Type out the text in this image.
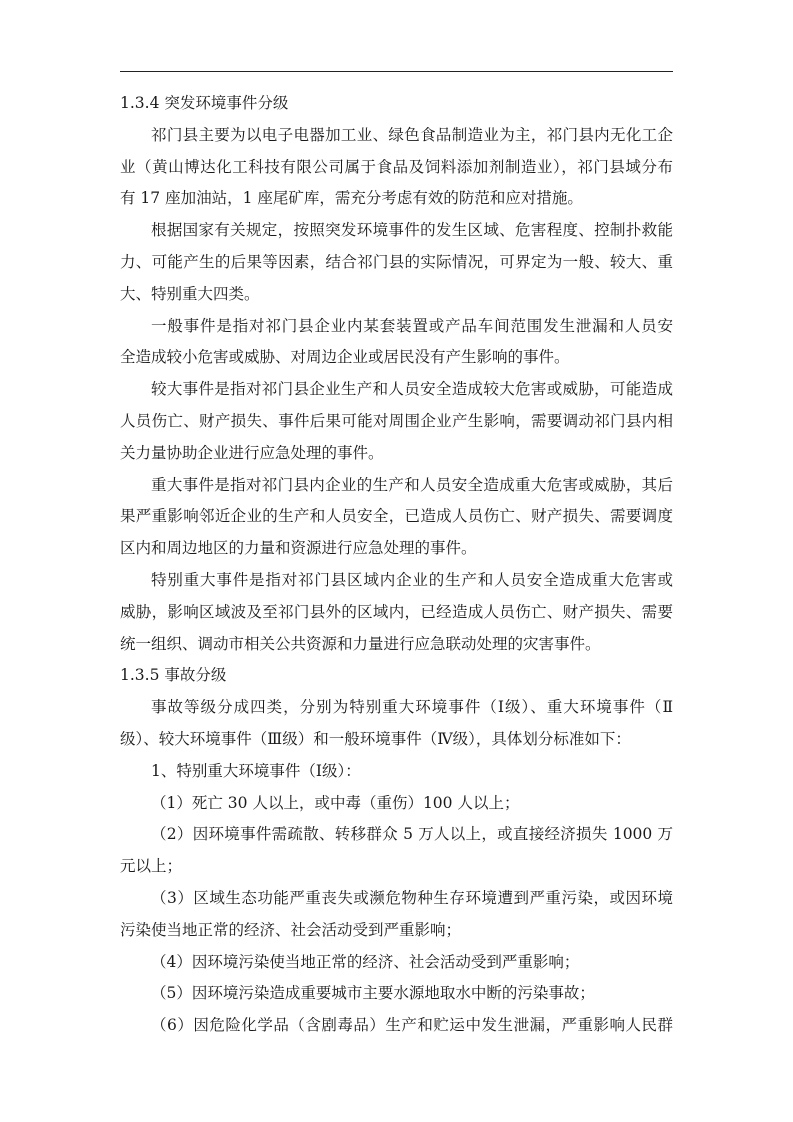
1.3.4 突发环境事件分级
祁门县主要为以电子电器加工业、绿色食品制造业为主，祁门县内无化工企
业（黄山博达化工科技有限公司属于食品及饲料添加剂制造业），祁门县域分布
有 17 座加油站，1 座尾矿库，需充分考虑有效的防范和应对措施。
根据国家有关规定，按照突发环境事件的发生区域、危害程度、控制扑救能
力、可能产生的后果等因素，结合祁门县的实际情况，可界定为一般、较大、重
大、特别重大四类。
一般事件是指对祁门县企业内某套装置或产品车间范围发生泄漏和人员安
全造成较小危害或威胁、对周边企业或居民没有产生影响的事件。
较大事件是指对祁门县企业生产和人员安全造成较大危害或威胁，可能造成
人员伤亡、财产损失、事件后果可能对周围企业产生影响，需要调动祁门县内相
关力量协助企业进行应急处理的事件。
重大事件是指对祁门县内企业的生产和人员安全造成重大危害或威胁，其后
果严重影响邻近企业的生产和人员安全，已造成人员伤亡、财产损失、需要调度
区内和周边地区的力量和资源进行应急处理的事件。
特别重大事件是指对祁门县区域内企业的生产和人员安全造成重大危害或
威胁，影响区域波及至祁门县外的区域内，已经造成人员伤亡、财产损失、需要
统一组织、调动市相关公共资源和力量进行应急联动处理的灾害事件。
1.3.5 事故分级
事故等级分成四类，分别为特别重大环境事件（Ⅰ级）、重大环境事件（Ⅱ
级）、较大环境事件（Ⅲ级）和一般环境事件（Ⅳ级），具体划分标准如下：
1、特别重大环境事件（Ⅰ级）：
（1）死亡 30 人以上，或中毒（重伤）100 人以上；
（2）因环境事件需疏散、转移群众 5 万人以上，或直接经济损失 1000 万
元以上；
（3）区域生态功能严重丧失或濒危物种生存环境遭到严重污染，或因环境
污染使当地正常的经济、社会活动受到严重影响；
（4）因环境污染使当地正常的经济、社会活动受到严重影响；
（5）因环境污染造成重要城市主要水源地取水中断的污染事故；
（6）因危险化学品（含剧毒品）生产和贮运中发生泄漏，严重影响人民群
